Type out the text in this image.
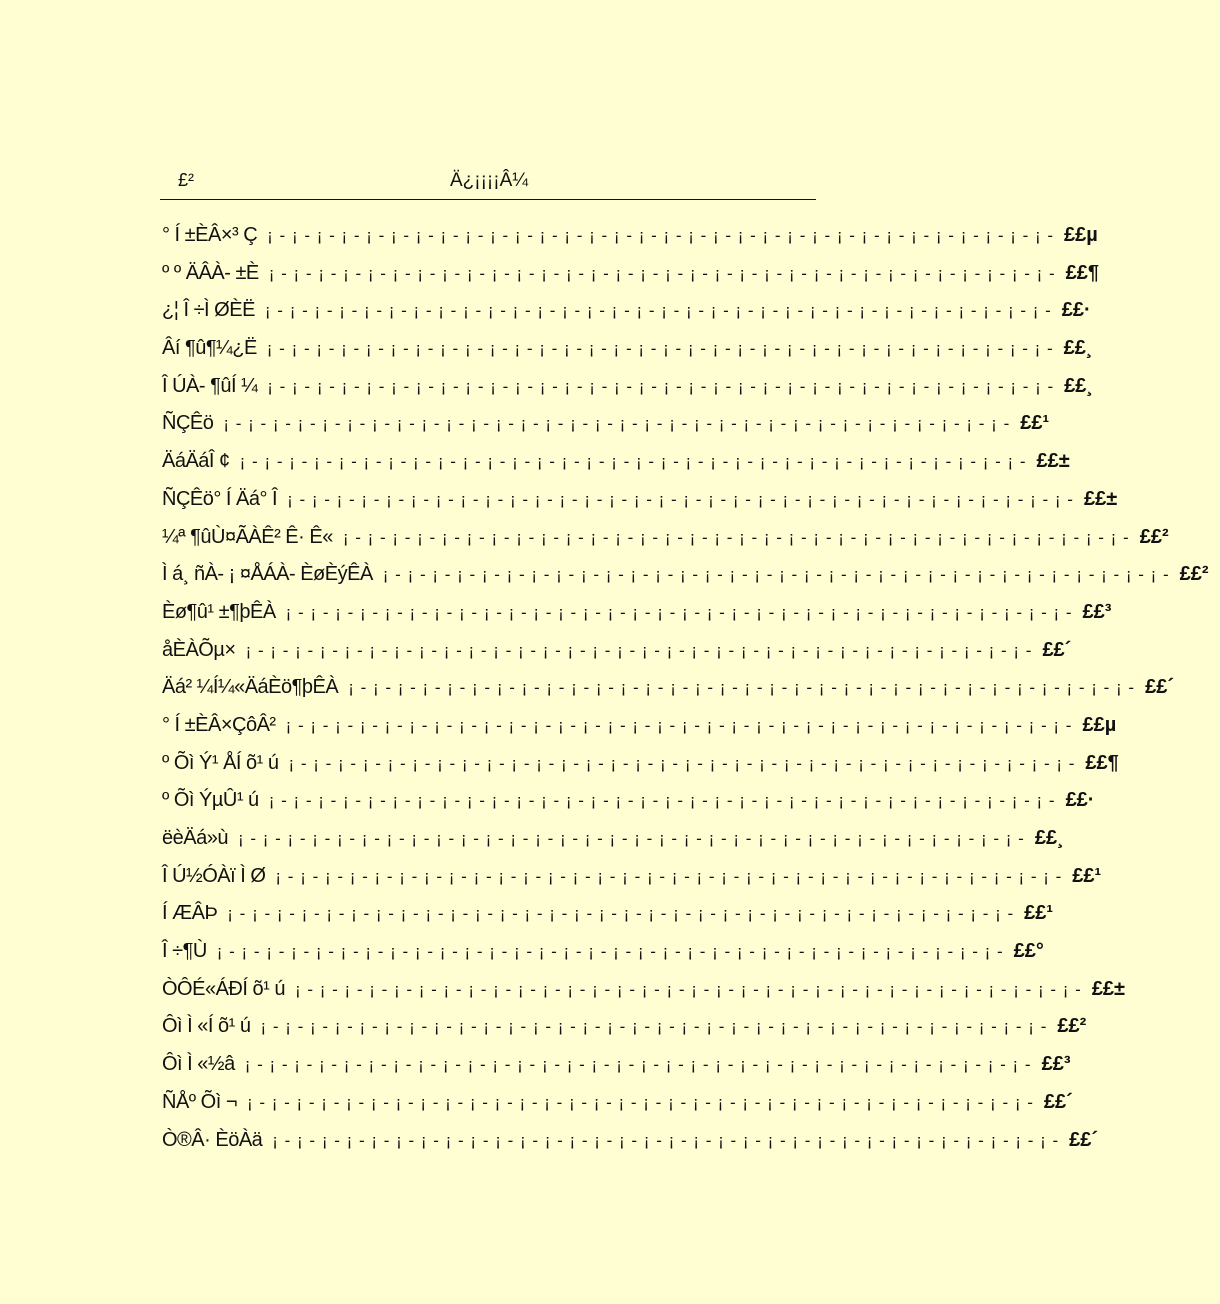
£²	Ä¿¡¡¡¡Â¼
° Í ±ÈÂ×³ Ç ¡ - ¡ - ¡ - ¡ - ¡ - ¡ - ¡ - ¡ - ¡ - ¡ - ¡ - ¡ - ¡ - ¡ - ¡ - ¡ - ¡ - ¡ - ¡ - ¡ - ¡ - ¡ - ¡ - ¡ - ¡ - ¡ - ¡ - ¡ - ¡ - ¡ - ¡ - ¡ - ££µ
º º ÄÂÀ- ±È ¡ - ¡ - ¡ - ¡ - ¡ - ¡ - ¡ - ¡ - ¡ - ¡ - ¡ - ¡ - ¡ - ¡ - ¡ - ¡ - ¡ - ¡ - ¡ - ¡ - ¡ - ¡ - ¡ - ¡ - ¡ - ¡ - ¡ - ¡ - ¡ - ¡ - ¡ - ¡ - ££¶
¿¦ Î ÷Ì ØÈË ¡ - ¡ - ¡ - ¡ - ¡ - ¡ - ¡ - ¡ - ¡ - ¡ - ¡ - ¡ - ¡ - ¡ - ¡ - ¡ - ¡ - ¡ - ¡ - ¡ - ¡ - ¡ - ¡ - ¡ - ¡ - ¡ - ¡ - ¡ - ¡ - ¡ - ¡ - ¡ - ££·
Âí ¶û¶¼¿Ë ¡ - ¡ - ¡ - ¡ - ¡ - ¡ - ¡ - ¡ - ¡ - ¡ - ¡ - ¡ - ¡ - ¡ - ¡ - ¡ - ¡ - ¡ - ¡ - ¡ - ¡ - ¡ - ¡ - ¡ - ¡ - ¡ - ¡ - ¡ - ¡ - ¡ - ¡ - ¡ - ££¸
Î ÚÀ- ¶ûÍ ¼ ¡ - ¡ - ¡ - ¡ - ¡ - ¡ - ¡ - ¡ - ¡ - ¡ - ¡ - ¡ - ¡ - ¡ - ¡ - ¡ - ¡ - ¡ - ¡ - ¡ - ¡ - ¡ - ¡ - ¡ - ¡ - ¡ - ¡ - ¡ - ¡ - ¡ - ¡ - ¡ - ££¸
ÑÇÊö ¡ - ¡ - ¡ - ¡ - ¡ - ¡ - ¡ - ¡ - ¡ - ¡ - ¡ - ¡ - ¡ - ¡ - ¡ - ¡ - ¡ - ¡ - ¡ - ¡ - ¡ - ¡ - ¡ - ¡ - ¡ - ¡ - ¡ - ¡ - ¡ - ¡ - ¡ - ¡ - ££¹
ÄáÄáÎ ¢ ¡ - ¡ - ¡ - ¡ - ¡ - ¡ - ¡ - ¡ - ¡ - ¡ - ¡ - ¡ - ¡ - ¡ - ¡ - ¡ - ¡ - ¡ - ¡ - ¡ - ¡ - ¡ - ¡ - ¡ - ¡ - ¡ - ¡ - ¡ - ¡ - ¡ - ¡ - ¡ - ££±
ÑÇÊö° Í Äá° Î ¡ - ¡ - ¡ - ¡ - ¡ - ¡ - ¡ - ¡ - ¡ - ¡ - ¡ - ¡ - ¡ - ¡ - ¡ - ¡ - ¡ - ¡ - ¡ - ¡ - ¡ - ¡ - ¡ - ¡ - ¡ - ¡ - ¡ - ¡ - ¡ - ¡ - ¡ - ¡ - ££±
¼ª ¶ûÙ¤ÃÀÊ² Ê· Ê« ¡ - ¡ - ¡ - ¡ - ¡ - ¡ - ¡ - ¡ - ¡ - ¡ - ¡ - ¡ - ¡ - ¡ - ¡ - ¡ - ¡ - ¡ - ¡ - ¡ - ¡ - ¡ - ¡ - ¡ - ¡ - ¡ - ¡ - ¡ - ¡ - ¡ - ¡ - ¡ - ££²
Ì á¸ ñÀ- ¡ ¤ÅÁÀ- ÈøÈýÊÀ ¡ - ¡ - ¡ - ¡ - ¡ - ¡ - ¡ - ¡ - ¡ - ¡ - ¡ - ¡ - ¡ - ¡ - ¡ - ¡ - ¡ - ¡ - ¡ - ¡ - ¡ - ¡ - ¡ - ¡ - ¡ - ¡ - ¡ - ¡ - ¡ - ¡ - ¡ - ¡ - ££²
Èø¶û¹ ±¶þÊÀ ¡ - ¡ - ¡ - ¡ - ¡ - ¡ - ¡ - ¡ - ¡ - ¡ - ¡ - ¡ - ¡ - ¡ - ¡ - ¡ - ¡ - ¡ - ¡ - ¡ - ¡ - ¡ - ¡ - ¡ - ¡ - ¡ - ¡ - ¡ - ¡ - ¡ - ¡ - ¡ - ££³
åÈÀÕµ× ¡ - ¡ - ¡ - ¡ - ¡ - ¡ - ¡ - ¡ - ¡ - ¡ - ¡ - ¡ - ¡ - ¡ - ¡ - ¡ - ¡ - ¡ - ¡ - ¡ - ¡ - ¡ - ¡ - ¡ - ¡ - ¡ - ¡ - ¡ - ¡ - ¡ - ¡ - ¡ - ££´
Äá² ¼Í¼«ÄáÈö¶þÊÀ ¡ - ¡ - ¡ - ¡ - ¡ - ¡ - ¡ - ¡ - ¡ - ¡ - ¡ - ¡ - ¡ - ¡ - ¡ - ¡ - ¡ - ¡ - ¡ - ¡ - ¡ - ¡ - ¡ - ¡ - ¡ - ¡ - ¡ - ¡ - ¡ - ¡ - ¡ - ¡ - ££´
° Í ±ÈÂ×ÇôÂ² ¡ - ¡ - ¡ - ¡ - ¡ - ¡ - ¡ - ¡ - ¡ - ¡ - ¡ - ¡ - ¡ - ¡ - ¡ - ¡ - ¡ - ¡ - ¡ - ¡ - ¡ - ¡ - ¡ - ¡ - ¡ - ¡ - ¡ - ¡ - ¡ - ¡ - ¡ - ¡ - ££µ
º Õì Ý¹ ÅÍ õ¹ ú ¡ - ¡ - ¡ - ¡ - ¡ - ¡ - ¡ - ¡ - ¡ - ¡ - ¡ - ¡ - ¡ - ¡ - ¡ - ¡ - ¡ - ¡ - ¡ - ¡ - ¡ - ¡ - ¡ - ¡ - ¡ - ¡ - ¡ - ¡ - ¡ - ¡ - ¡ - ¡ - ££¶
º Õì ÝµÛ¹ ú ¡ - ¡ - ¡ - ¡ - ¡ - ¡ - ¡ - ¡ - ¡ - ¡ - ¡ - ¡ - ¡ - ¡ - ¡ - ¡ - ¡ - ¡ - ¡ - ¡ - ¡ - ¡ - ¡ - ¡ - ¡ - ¡ - ¡ - ¡ - ¡ - ¡ - ¡ - ¡ - ££·
ëèÄá»ù ¡ - ¡ - ¡ - ¡ - ¡ - ¡ - ¡ - ¡ - ¡ - ¡ - ¡ - ¡ - ¡ - ¡ - ¡ - ¡ - ¡ - ¡ - ¡ - ¡ - ¡ - ¡ - ¡ - ¡ - ¡ - ¡ - ¡ - ¡ - ¡ - ¡ - ¡ - ¡ - ££¸
Î Ú½ÓÀï Ì Ø ¡ - ¡ - ¡ - ¡ - ¡ - ¡ - ¡ - ¡ - ¡ - ¡ - ¡ - ¡ - ¡ - ¡ - ¡ - ¡ - ¡ - ¡ - ¡ - ¡ - ¡ - ¡ - ¡ - ¡ - ¡ - ¡ - ¡ - ¡ - ¡ - ¡ - ¡ - ¡ - ££¹
Í ÆÂÞ ¡ - ¡ - ¡ - ¡ - ¡ - ¡ - ¡ - ¡ - ¡ - ¡ - ¡ - ¡ - ¡ - ¡ - ¡ - ¡ - ¡ - ¡ - ¡ - ¡ - ¡ - ¡ - ¡ - ¡ - ¡ - ¡ - ¡ - ¡ - ¡ - ¡ - ¡ - ¡ - ££¹
Î ÷¶Ù ¡ - ¡ - ¡ - ¡ - ¡ - ¡ - ¡ - ¡ - ¡ - ¡ - ¡ - ¡ - ¡ - ¡ - ¡ - ¡ - ¡ - ¡ - ¡ - ¡ - ¡ - ¡ - ¡ - ¡ - ¡ - ¡ - ¡ - ¡ - ¡ - ¡ - ¡ - ¡ - ££°
ÒÔÉ«ÁÐÍ õ¹ ú ¡ - ¡ - ¡ - ¡ - ¡ - ¡ - ¡ - ¡ - ¡ - ¡ - ¡ - ¡ - ¡ - ¡ - ¡ - ¡ - ¡ - ¡ - ¡ - ¡ - ¡ - ¡ - ¡ - ¡ - ¡ - ¡ - ¡ - ¡ - ¡ - ¡ - ¡ - ¡ - ££±
Ôì Ì «Í õ¹ ú ¡ - ¡ - ¡ - ¡ - ¡ - ¡ - ¡ - ¡ - ¡ - ¡ - ¡ - ¡ - ¡ - ¡ - ¡ - ¡ - ¡ - ¡ - ¡ - ¡ - ¡ - ¡ - ¡ - ¡ - ¡ - ¡ - ¡ - ¡ - ¡ - ¡ - ¡ - ¡ - ££²
Ôì Ì «½â ¡ - ¡ - ¡ - ¡ - ¡ - ¡ - ¡ - ¡ - ¡ - ¡ - ¡ - ¡ - ¡ - ¡ - ¡ - ¡ - ¡ - ¡ - ¡ - ¡ - ¡ - ¡ - ¡ - ¡ - ¡ - ¡ - ¡ - ¡ - ¡ - ¡ - ¡ - ¡ - ££³
ÑÅº Õì ¬ ¡ - ¡ - ¡ - ¡ - ¡ - ¡ - ¡ - ¡ - ¡ - ¡ - ¡ - ¡ - ¡ - ¡ - ¡ - ¡ - ¡ - ¡ - ¡ - ¡ - ¡ - ¡ - ¡ - ¡ - ¡ - ¡ - ¡ - ¡ - ¡ - ¡ - ¡ - ¡ - ££´
Ò®Â· ÈöÀä ¡ - ¡ - ¡ - ¡ - ¡ - ¡ - ¡ - ¡ - ¡ - ¡ - ¡ - ¡ - ¡ - ¡ - ¡ - ¡ - ¡ - ¡ - ¡ - ¡ - ¡ - ¡ - ¡ - ¡ - ¡ - ¡ - ¡ - ¡ - ¡ - ¡ - ¡ - ¡ - ££´
